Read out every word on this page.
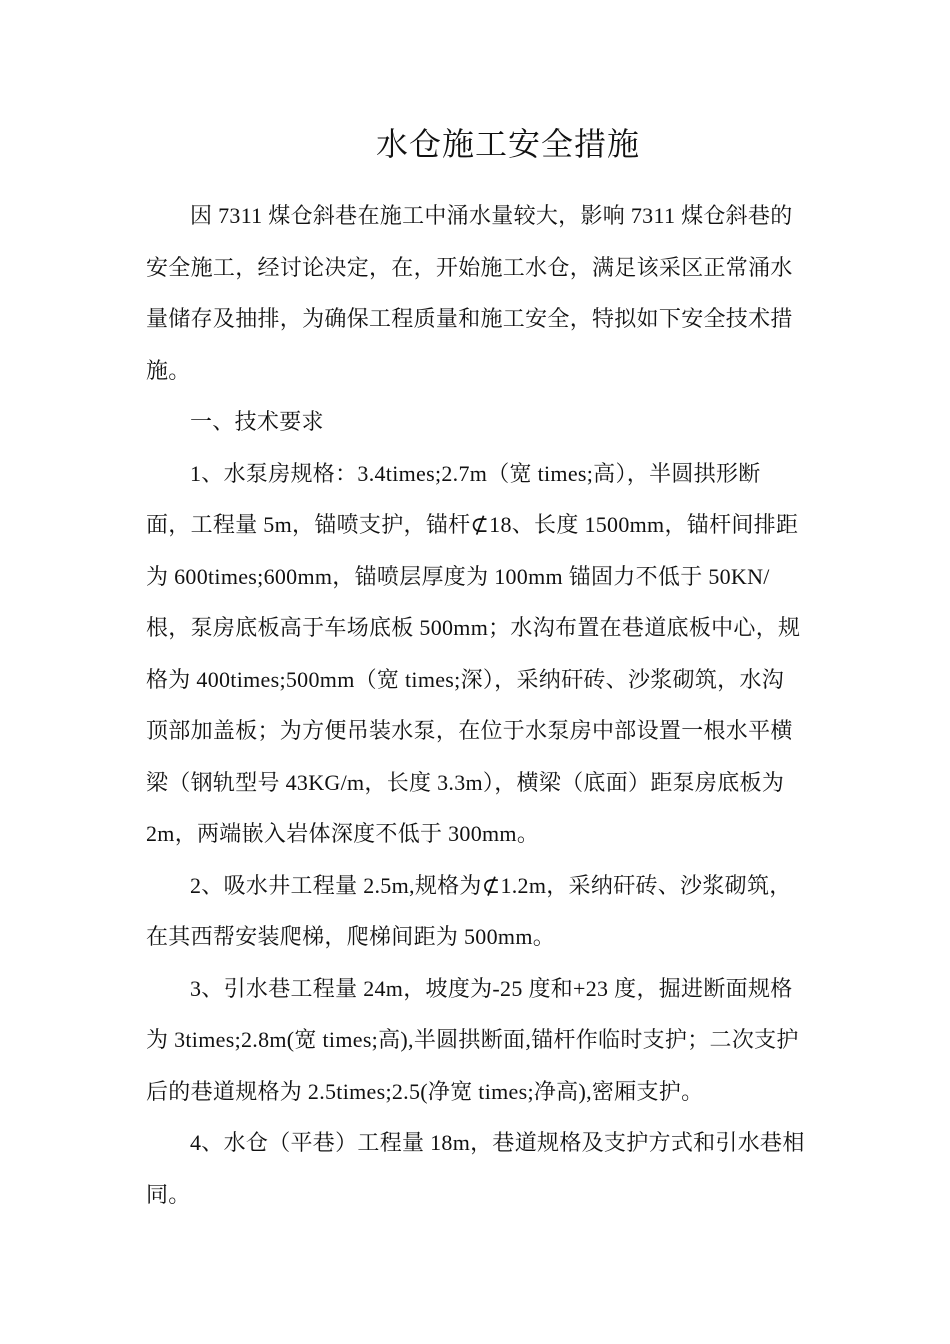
水仓施工安全措施
因 7311 煤仓斜巷在施工中涌水量较大，影响 7311 煤仓斜巷的
安全施工，经讨论决定，在，开始施工水仓，满足该采区正常涌水
量储存及抽排，为确保工程质量和施工安全，特拟如下安全技术措
施。
一、技术要求
1、水泵房规格：3.4times;2.7m（宽 times;高），半圆拱形断
面，工程量 5m，锚喷支护，锚杆⊄18、长度 1500mm，锚杆间排距
为 600times;600mm，锚喷层厚度为 100mm 锚固力不低于 50KN/
根，泵房底板高于车场底板 500mm；水沟布置在巷道底板中心，规
格为 400times;500mm（宽 times;深），采纳矸砖、沙浆砌筑，水沟
顶部加盖板；为方便吊装水泵，在位于水泵房中部设置一根水平横
梁（钢轨型号 43KG/m，长度 3.3m），横梁（底面）距泵房底板为
2m，两端嵌入岩体深度不低于 300mm。
2、吸水井工程量 2.5m,规格为⊄1.2m，采纳矸砖、沙浆砌筑，
在其西帮安装爬梯，爬梯间距为 500mm。
3、引水巷工程量 24m，坡度为-25 度和+23 度，掘进断面规格
为 3times;2.8m(宽 times;高),半圆拱断面,锚杆作临时支护；二次支护
后的巷道规格为 2.5times;2.5(净宽 times;净高),密厢支护。
4、水仓（平巷）工程量 18m，巷道规格及支护方式和引水巷相
同。
